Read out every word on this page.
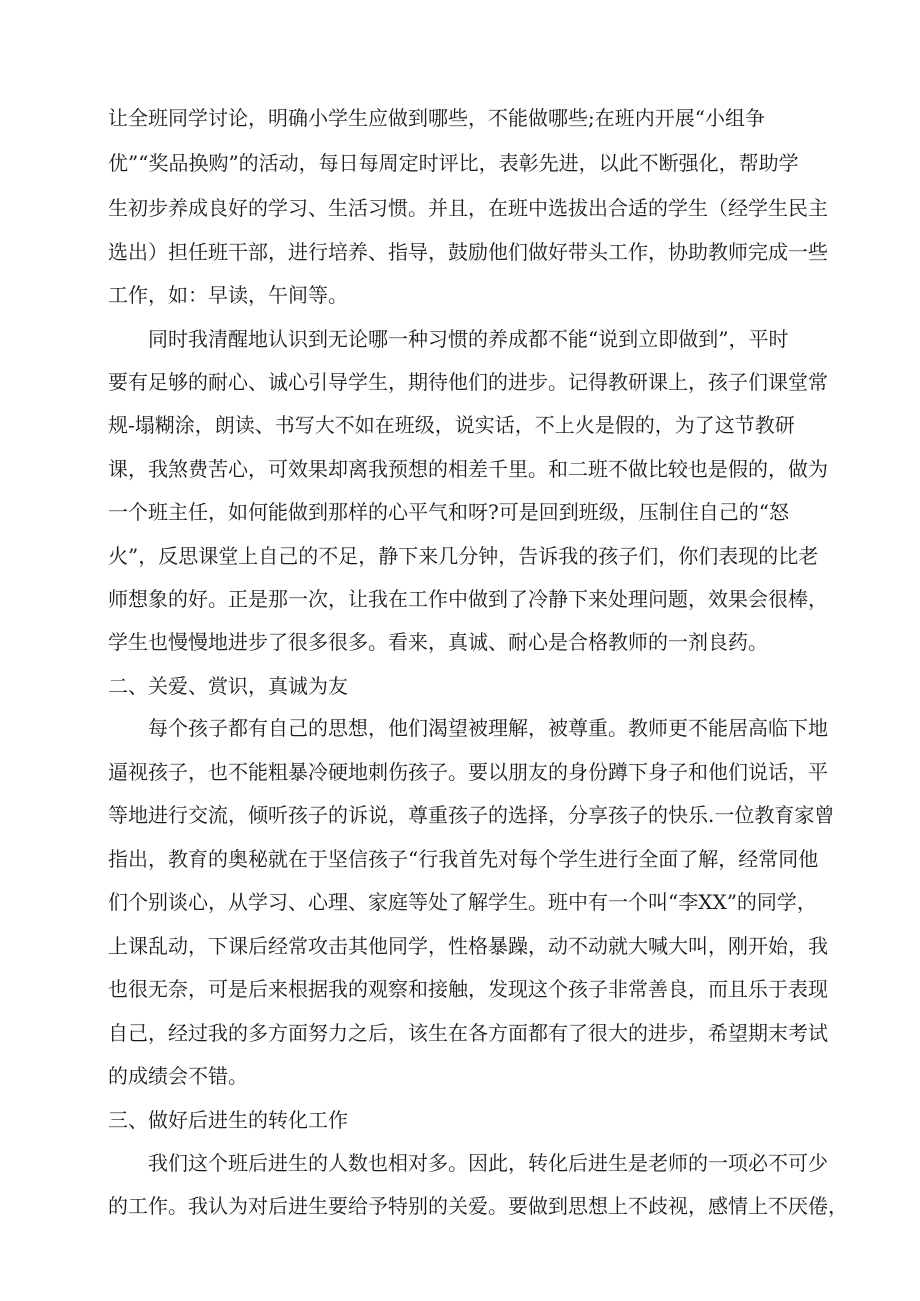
让全班同学讨论，明确小学生应做到哪些，不能做哪些;在班内开展“小组争
优”“奖品换购”的活动，每日每周定时评比，表彰先进，以此不断强化，帮助学
生初步养成良好的学习、生活习惯。并且，在班中选拔出合适的学生（经学生民主
选出）担任班干部，进行培养、指导，鼓励他们做好带头工作，协助教师完成一些
工作，如：早读，午间等。
同时我清醒地认识到无论哪一种习惯的养成都不能“说到立即做到”，平时
要有足够的耐心、诚心引导学生，期待他们的进步。记得教研课上，孩子们课堂常
规-塌糊涂，朗读、书写大不如在班级，说实话，不上火是假的，为了这节教研
课，我煞费苦心，可效果却离我预想的相差千里。和二班不做比较也是假的，做为
一个班主任，如何能做到那样的心平气和呀?可是回到班级，压制住自己的“怒
火”，反思课堂上自己的不足，静下来几分钟，告诉我的孩子们，你们表现的比老
师想象的好。正是那一次，让我在工作中做到了冷静下来处理问题，效果会很棒，
学生也慢慢地进步了很多很多。看来，真诚、耐心是合格教师的一剂良药。
二、关爱、赏识，真诚为友
每个孩子都有自己的思想，他们渴望被理解，被尊重。教师更不能居高临下地
逼视孩子，也不能粗暴冷硬地刺伤孩子。要以朋友的身份蹲下身子和他们说话，平
等地进行交流，倾听孩子的诉说，尊重孩子的选择，分享孩子的快乐.一位教育家曾
指出，教育的奥秘就在于坚信孩子“行我首先对每个学生进行全面了解，经常同他
们个别谈心，从学习、心理、家庭等处了解学生。班中有一个叫“李XX”的同学，
上课乱动，下课后经常攻击其他同学，性格暴躁，动不动就大喊大叫，刚开始，我
也很无奈，可是后来根据我的观察和接触，发现这个孩子非常善良，而且乐于表现
自己，经过我的多方面努力之后，该生在各方面都有了很大的进步，希望期末考试
的成绩会不错。
三、做好后进生的转化工作
我们这个班后进生的人数也相对多。因此，转化后进生是老师的一项必不可少
的工作。我认为对后进生要给予特别的关爱。要做到思想上不歧视，感情上不厌倦，
